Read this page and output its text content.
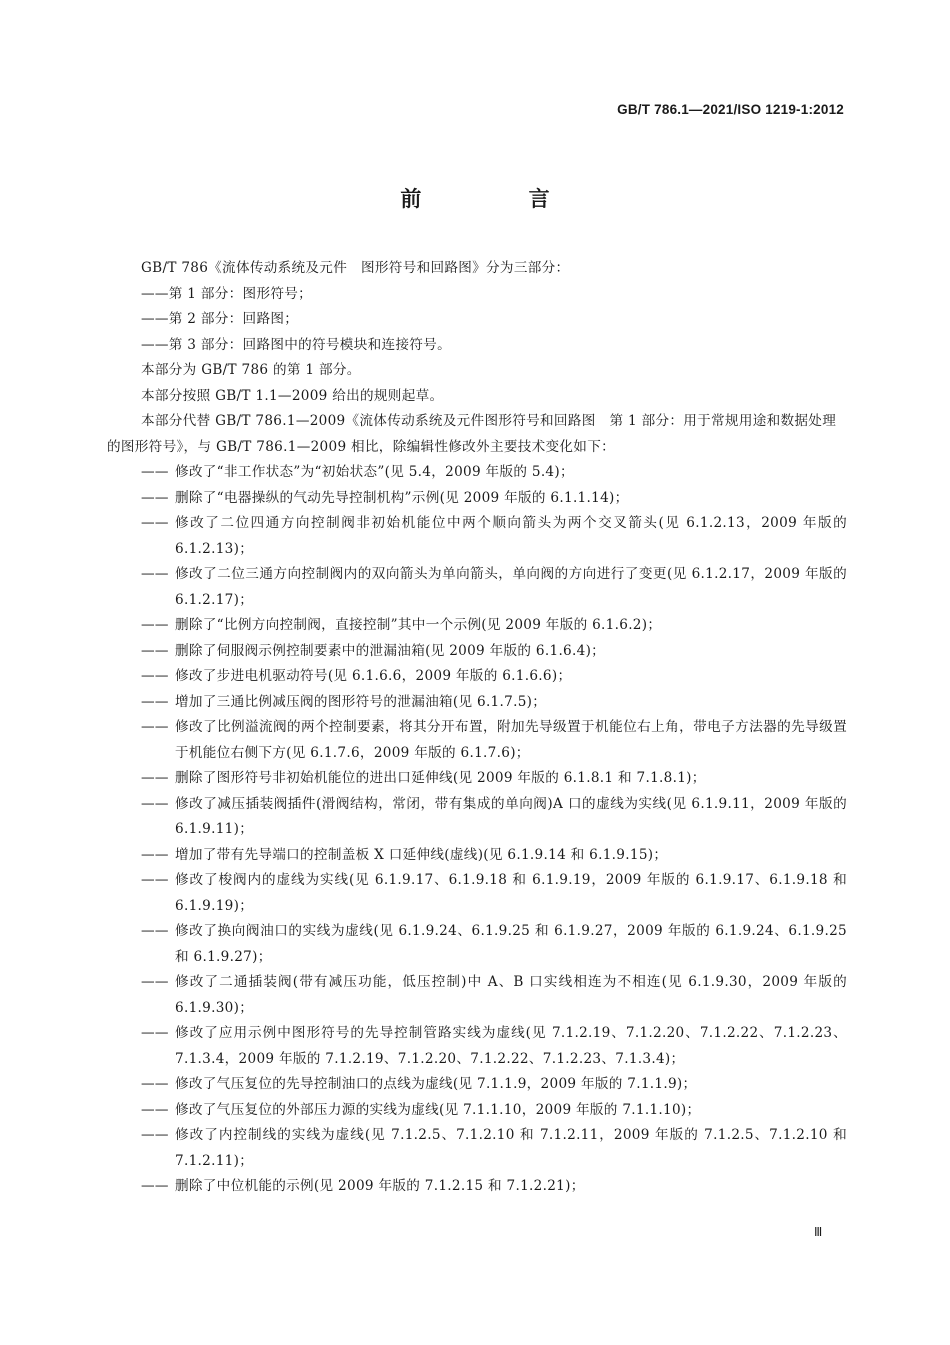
GB/T 786.1—2021/ISO 1219-1:2012
前 言

GB/T 786《流体传动系统及元件　图形符号和回路图》分为三部分：

——第 1 部分：图形符号；

——第 2 部分：回路图；

——第 3 部分：回路图中的符号模块和连接符号。

本部分为 GB/T 786 的第 1 部分。

本部分按照 GB/T 1.1—2009 给出的规则起草。

本部分代替 GB/T 786.1—2009《流体传动系统及元件图形符号和回路图　第 1 部分：用于常规用途和数据处理的图形符号》，与 GB/T 786.1—2009 相比，除编辑性修改外主要技术变化如下：

—— 修改了“非工作状态”为“初始状态”(见 5.4，2009 年版的 5.4)；
—— 删除了“电器操纵的气动先导控制机构”示例(见 2009 年版的 6.1.1.14)；
—— 修改了二位四通方向控制阀非初始机能位中两个顺向箭头为两个交叉箭头(见 6.1.2.13，2009 年版的 6.1.2.13)；
—— 修改了二位三通方向控制阀内的双向箭头为单向箭头，单向阀的方向进行了变更(见 6.1.2.17，2009 年版的 6.1.2.17)；
—— 删除了“比例方向控制阀，直接控制”其中一个示例(见 2009 年版的 6.1.6.2)；
—— 删除了伺服阀示例控制要素中的泄漏油箱(见 2009 年版的 6.1.6.4)；
—— 修改了步进电机驱动符号(见 6.1.6.6，2009 年版的 6.1.6.6)；
—— 增加了三通比例减压阀的图形符号的泄漏油箱(见 6.1.7.5)；
—— 修改了比例溢流阀的两个控制要素，将其分开布置，附加先导级置于机能位右上角，带电子方法器的先导级置于机能位右侧下方(见 6.1.7.6，2009 年版的 6.1.7.6)；
—— 删除了图形符号非初始机能位的进出口延伸线(见 2009 年版的 6.1.8.1 和 7.1.8.1)；
—— 修改了减压插装阀插件(滑阀结构，常闭，带有集成的单向阀)A 口的虚线为实线(见 6.1.9.11，2009 年版的 6.1.9.11)；
—— 增加了带有先导端口的控制盖板 X 口延伸线(虚线)(见 6.1.9.14 和 6.1.9.15)；
—— 修改了梭阀内的虚线为实线(见 6.1.9.17、6.1.9.18 和 6.1.9.19，2009 年版的 6.1.9.17、6.1.9.18 和 6.1.9.19)；
—— 修改了换向阀油口的实线为虚线(见 6.1.9.24、6.1.9.25 和 6.1.9.27，2009 年版的 6.1.9.24、6.1.9.25和 6.1.9.27)；
—— 修改了二通插装阀(带有减压功能，低压控制)中 A、B 口实线相连为不相连(见 6.1.9.30，2009 年版的 6.1.9.30)；
—— 修改了应用示例中图形符号的先导控制管路实线为虚线(见 7.1.2.19、7.1.2.20、7.1.2.22、7.1.2.23、7.1.3.4，2009 年版的 7.1.2.19、7.1.2.20、7.1.2.22、7.1.2.23、7.1.3.4)；
—— 修改了气压复位的先导控制油口的点线为虚线(见 7.1.1.9，2009 年版的 7.1.1.9)；
—— 修改了气压复位的外部压力源的实线为虚线(见 7.1.1.10，2009 年版的 7.1.1.10)；
—— 修改了内控制线的实线为虚线(见 7.1.2.5、7.1.2.10 和 7.1.2.11，2009 年版的 7.1.2.5、7.1.2.10 和 7.1.2.11)；
—— 删除了中位机能的示例(见 2009 年版的 7.1.2.15 和 7.1.2.21)；
Ⅲ
